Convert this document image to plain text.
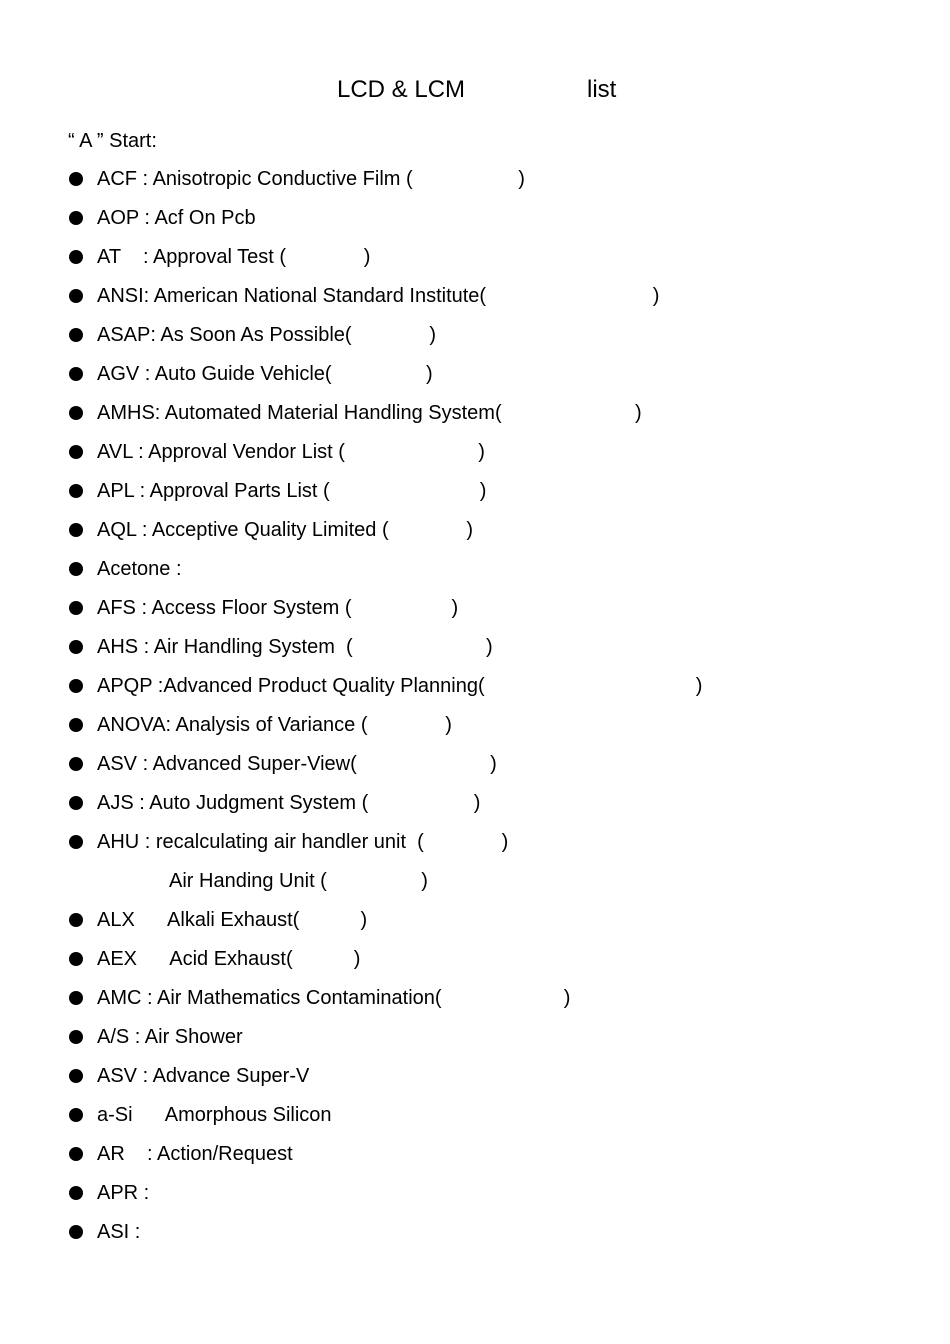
LCD & LCM	list
“ A ” Start:
ACF : Anisotropic Conductive Film (                   )
AOP : Acf On Pcb
AT    : Approval Test (              )
ANSI: American National Standard Institute(                              )
ASAP: As Soon As Possible(              )
AGV : Auto Guide Vehicle(                 )
AMHS: Automated Material Handling System(                        )
AVL : Approval Vendor List (                        )
APL : Approval Parts List (                           )
AQL : Acceptive Quality Limited (              )
Acetone :
AFS : Access Floor System (                  )
AHS : Air Handling System  (                        )
APQP :Advanced Product Quality Planning(                                      )
ANOVA: Analysis of Variance (              )
ASV : Advanced Super-View(                        )
AJS : Auto Judgment System (                   )
AHU : recalculating air handler unit  (              )
Air Handing Unit (                 )
ALX      Alkali Exhaust(           )
AEX      Acid Exhaust(           )
AMC : Air Mathematics Contamination(                      )
A/S : Air Shower
ASV : Advance Super-V
a-Si      Amorphous Silicon
AR    : Action/Request
APR :
ASI :
